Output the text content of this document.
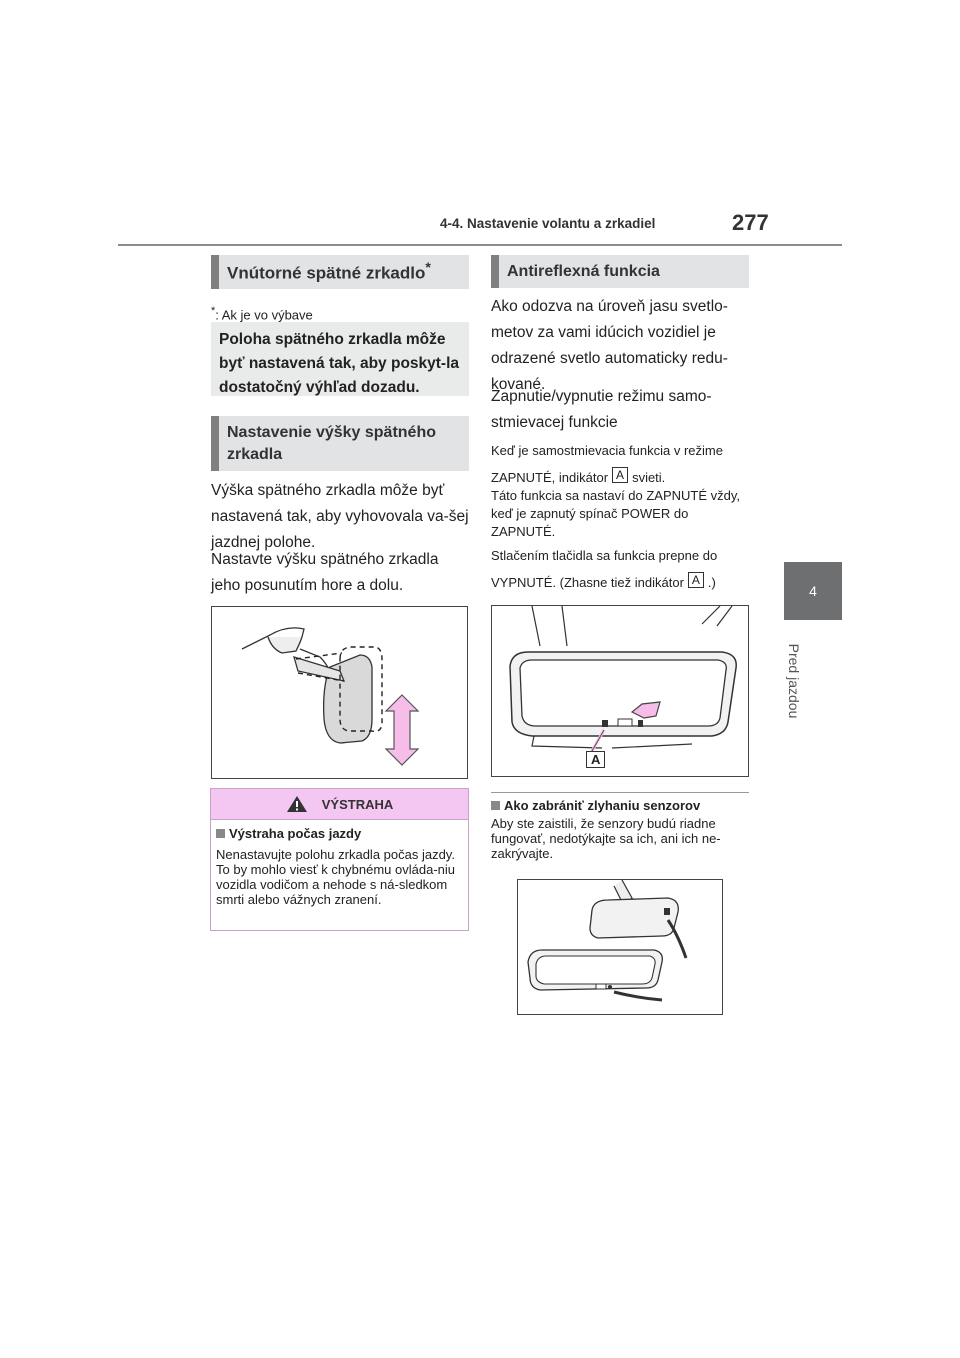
4-4. Nastavenie volantu a zrkadiel	277
4
Pred jazdou
Vnútorné spätné zrkadlo*
*: Ak je vo výbave
Poloha spätného zrkadla môže byť nastavená tak, aby poskyt-la dostatočný výhľad dozadu.
Nastavenie výšky spätného zrkadla
Výška spätného zrkadla môže byť nastavená tak, aby vyhovovala va-šej jazdnej polohe.
Nastavte výšku spätného zrkadla jeho posunutím hore a dolu.
VÝSTRAHA
Výstraha počas jazdy
Nenastavujte polohu zrkadla počas jazdy.
To by mohlo viesť k chybnému ovláda-niu vozidla vodičom a nehode s ná-sledkom smrti alebo vážnych zranení.
Antireflexná funkcia
Ako odozva na úroveň jasu svetlo-metov za vami idúcich vozidiel je odrazené svetlo automaticky redu-kované.
Zapnutie/vypnutie režimu samo-stmievacej funkcie
Keď je samostmievacia funkcia v režime
ZAPNUTÉ, indikátor A svieti.
Táto funkcia sa nastaví do ZAPNUTÉ vždy, keď je zapnutý spínač POWER do ZAPNUTÉ.
Stlačením tlačidla sa funkcia prepne do
VYPNUTÉ. (Zhasne tiež indikátor A .)
A
Ako zabrániť zlyhaniu senzorov
Aby ste zaistili, že senzory budú riadne fungovať, nedotýkajte sa ich, ani ich ne-zakrývajte.
